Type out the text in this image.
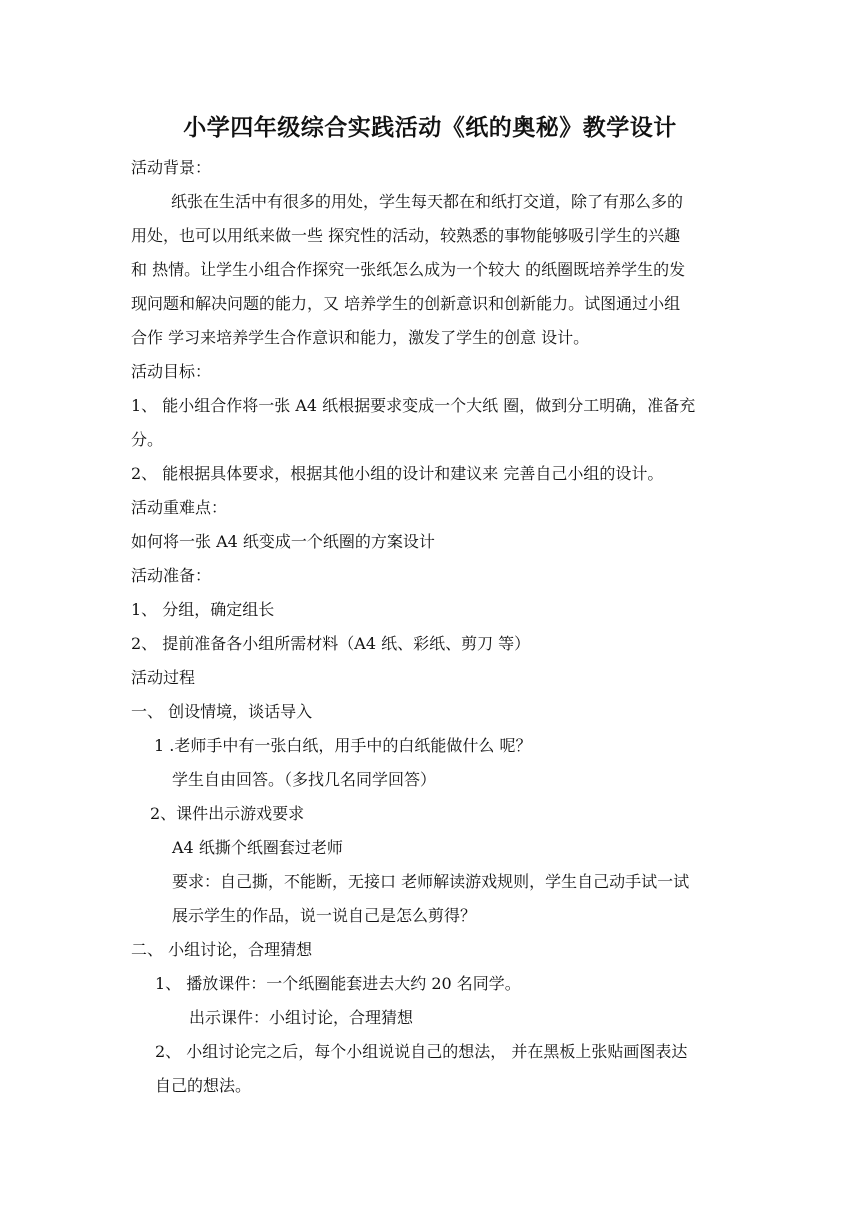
小学四年级综合实践活动《纸的奥秘》教学设计
活动背景：
纸张在生活中有很多的用处，学生每天都在和纸打交道，除了有那么多的
用处，也可以用纸来做一些 探究性的活动，较熟悉的事物能够吸引学生的兴趣
和 热情。让学生小组合作探究一张纸怎么成为一个较大 的纸圈既培养学生的发
现问题和解决问题的能力，又 培养学生的创新意识和创新能力。试图通过小组
合作 学习来培养学生合作意识和能力，激发了学生的创意 设计。
活动目标：
1、 能小组合作将一张 A4 纸根据要求变成一个大纸 圈，做到分工明确，准备充
分。
2、 能根据具体要求，根据其他小组的设计和建议来 完善自己小组的设计。
活动重难点：
如何将一张 A4 纸变成一个纸圈的方案设计
活动准备：
1、 分组，确定组长
2、 提前准备各小组所需材料（A4 纸、彩纸、剪刀 等）
活动过程
一、 创设情境，谈话导入
1 .老师手中有一张白纸，用手中的白纸能做什么 呢？
学生自由回答。（多找几名同学回答）
2、课件出示游戏要求
A4 纸撕个纸圈套过老师
要求：自己撕，不能断，无接口 老师解读游戏规则，学生自己动手试一试
展示学生的作品，说一说自己是怎么剪得？
二、 小组讨论，合理猜想
1、 播放课件：一个纸圈能套进去大约 20 名同学。
出示课件：小组讨论，合理猜想
2、 小组讨论完之后，每个小组说说自己的想法， 并在黑板上张贴画图表达
自己的想法。
